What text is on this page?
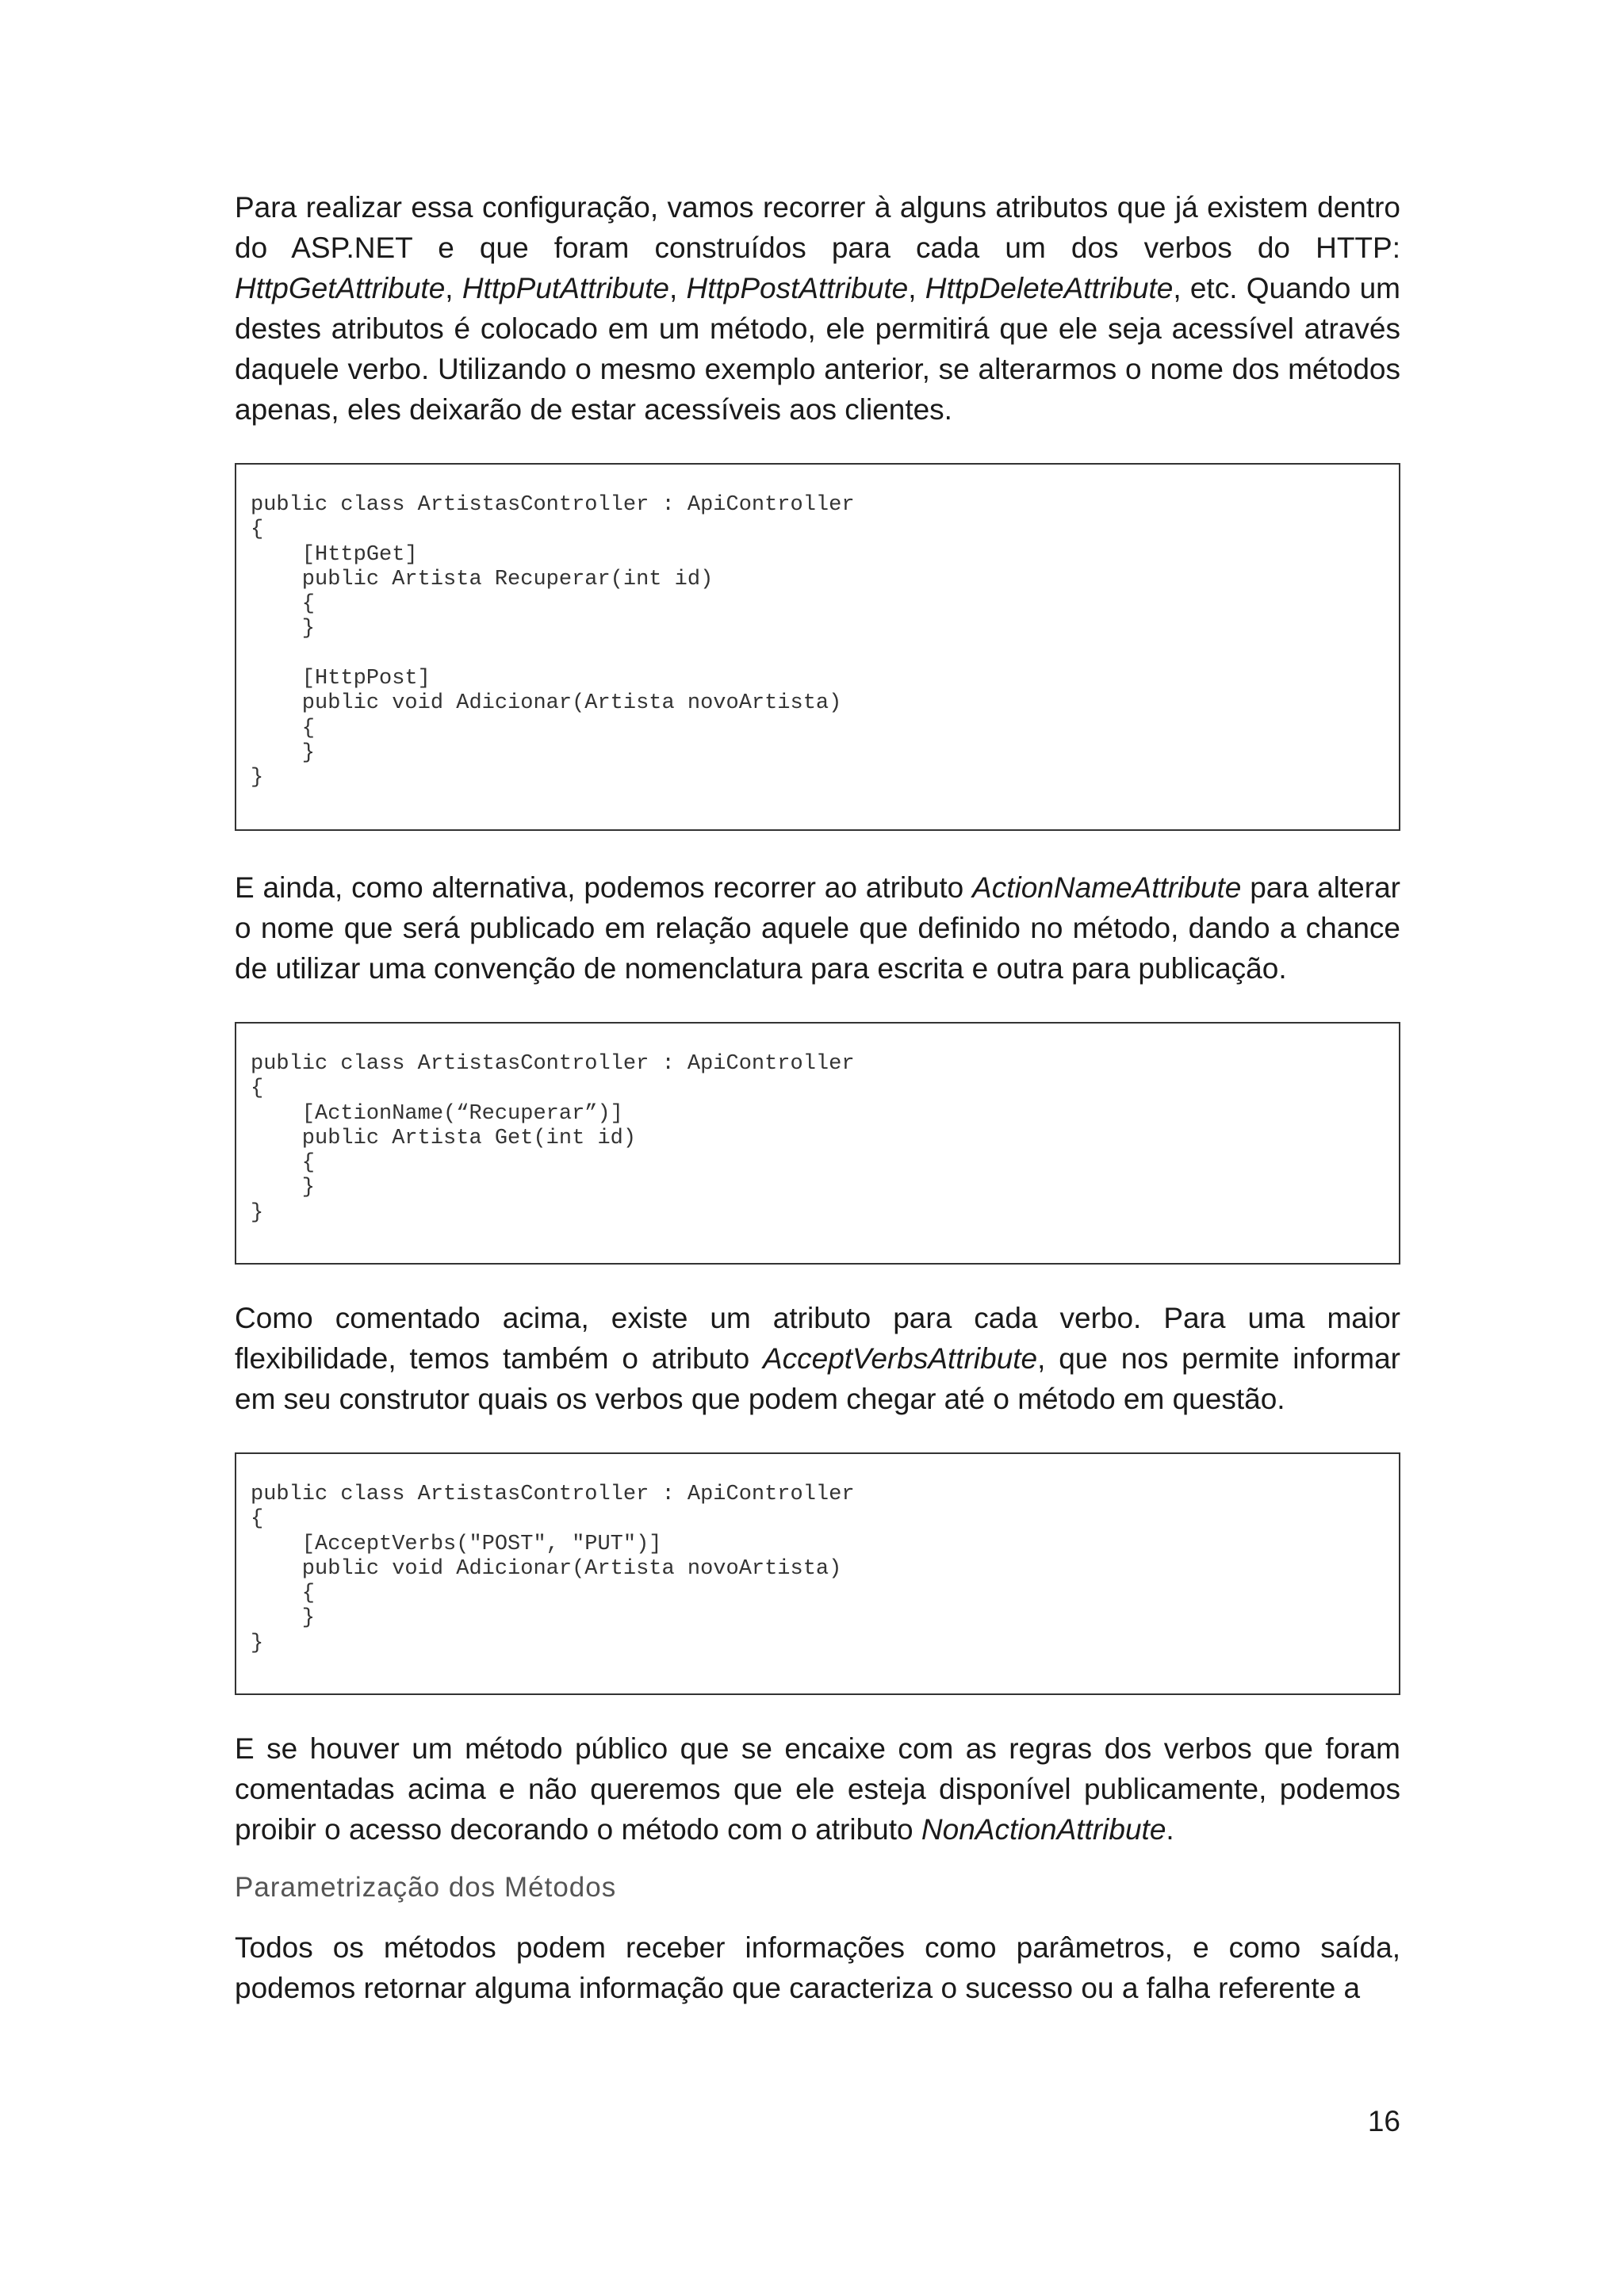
Para realizar essa configuração, vamos recorrer à alguns atributos que já existem dentro do ASP.NET e que foram construídos para cada um dos verbos do HTTP: HttpGetAttribute, HttpPutAttribute, HttpPostAttribute, HttpDeleteAttribute, etc. Quando um destes atributos é colocado em um método, ele permitirá que ele seja acessível através daquele verbo. Utilizando o mesmo exemplo anterior, se alterarmos o nome dos métodos apenas, eles deixarão de estar acessíveis aos clientes.

public class ArtistasController : ApiController
{
[HttpGet]
public Artista Recuperar(int id)
{
}

[HttpPost]
public void Adicionar(Artista novoArtista)
{
}
}

E ainda, como alternativa, podemos recorrer ao atributo ActionNameAttribute para alterar o nome que será publicado em relação aquele que definido no método, dando a chance de utilizar uma convenção de nomenclatura para escrita e outra para publicação.

public class ArtistasController : ApiController
{
[ActionName(“Recuperar”)]
public Artista Get(int id)
{
}
}

Como comentado acima, existe um atributo para cada verbo. Para uma maior flexibilidade, temos também o atributo AcceptVerbsAttribute, que nos permite informar em seu construtor quais os verbos que podem chegar até o método em questão.

public class ArtistasController : ApiController
{
[AcceptVerbs("POST", "PUT")]
public void Adicionar(Artista novoArtista)
{
}
}

E se houver um método público que se encaixe com as regras dos verbos que foram comentadas acima e não queremos que ele esteja disponível publicamente, podemos proibir o acesso decorando o método com o atributo NonActionAttribute.

Parametrização dos Métodos

Todos os métodos podem receber informações como parâmetros, e como saída, podemos retornar alguma informação que caracteriza o sucesso ou a falha referente a

16
